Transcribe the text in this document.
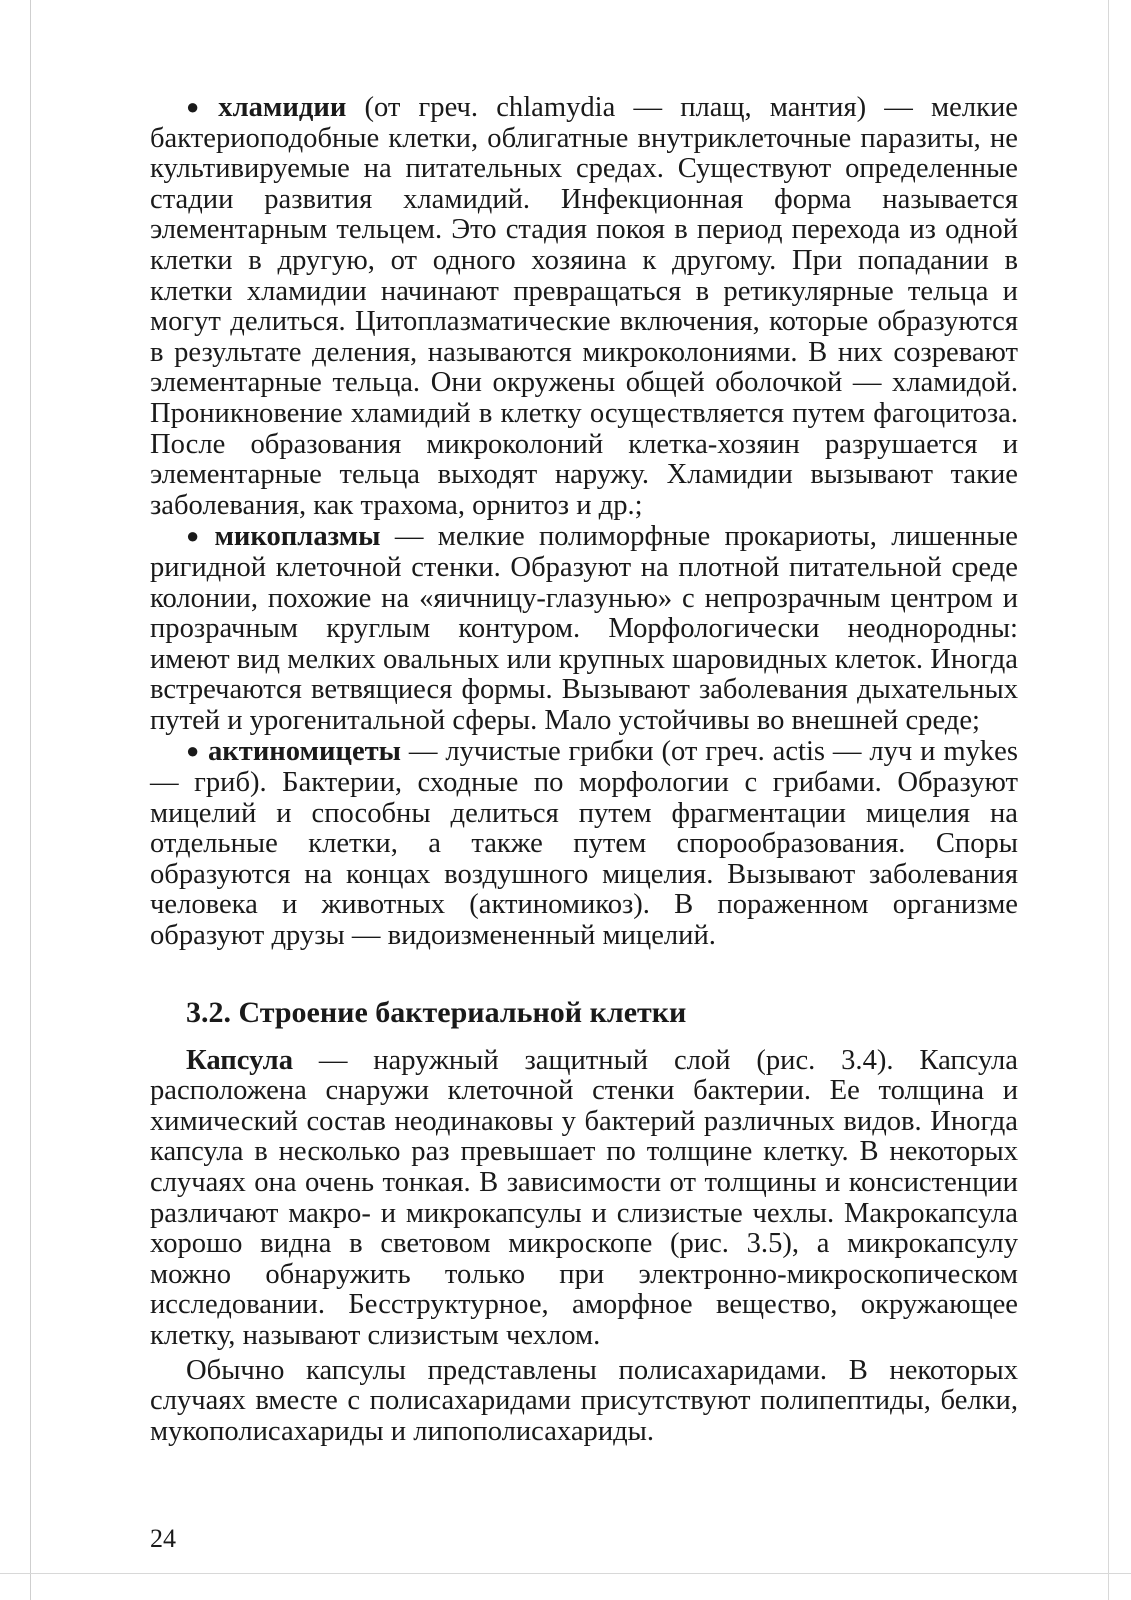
● хламидии (от греч. chlamydia — плащ, мантия) — мелкие бактериоподобные клетки, облигатные внутриклеточные паразиты, не культивируемые на питательных средах. Существуют определенные стадии развития хламидий. Инфекционная форма называется элементарным тельцем. Это стадия покоя в период перехода из одной клетки в другую, от одного хозяина к другому. При попадании в клетки хламидии начинают превращаться в ретикулярные тельца и могут делиться. Цитоплазматические включения, которые образуются в результате деления, называются микроколониями. В них созревают элементарные тельца. Они окружены общей оболочкой — хламидой. Проникновение хламидий в клетку осуществляется путем фагоцитоза. После образования микроколоний клетка-хозяин разрушается и элементарные тельца выходят наружу. Хламидии вызывают такие заболевания, как трахома, орнитоз и др.;

● микоплазмы — мелкие полиморфные прокариоты, лишенные ригидной клеточной стенки. Образуют на плотной питательной среде колонии, похожие на «яичницу-глазунью» с непрозрачным центром и прозрачным круглым контуром. Морфологически неоднородны: имеют вид мелких овальных или крупных шаровидных клеток. Иногда встречаются ветвящиеся формы. Вызывают заболевания дыхательных путей и урогенитальной сферы. Мало устойчивы во внешней среде;

● актиномицеты — лучистые грибки (от греч. actis — луч и mykes — гриб). Бактерии, сходные по морфологии с грибами. Образуют мицелий и способны делиться путем фрагментации мицелия на отдельные клетки, а также путем спорообразования. Споры образуются на концах воздушного мицелия. Вызывают заболевания человека и животных (актиномикоз). В пораженном организме образуют друзы — видоизмененный мицелий.

3.2. Строение бактериальной клетки

Капсула — наружный защитный слой (рис. 3.4). Капсула расположена снаружи клеточной стенки бактерии. Ее толщина и химический состав неодинаковы у бактерий различных видов. Иногда капсула в несколько раз превышает по толщине клетку. В некоторых случаях она очень тонкая. В зависимости от толщины и консистенции различают макро- и микрокапсулы и слизистые чехлы. Макрокапсула хорошо видна в световом микроскопе (рис. 3.5), а микрокапсулу можно обнаружить только при электронно-микроскопическом исследовании. Бесструктурное, аморфное вещество, окружающее клетку, называют слизистым чехлом.

Обычно капсулы представлены полисахаридами. В некоторых случаях вместе с полисахаридами присутствуют полипептиды, белки, мукополисахариды и липополисахариды.

24
